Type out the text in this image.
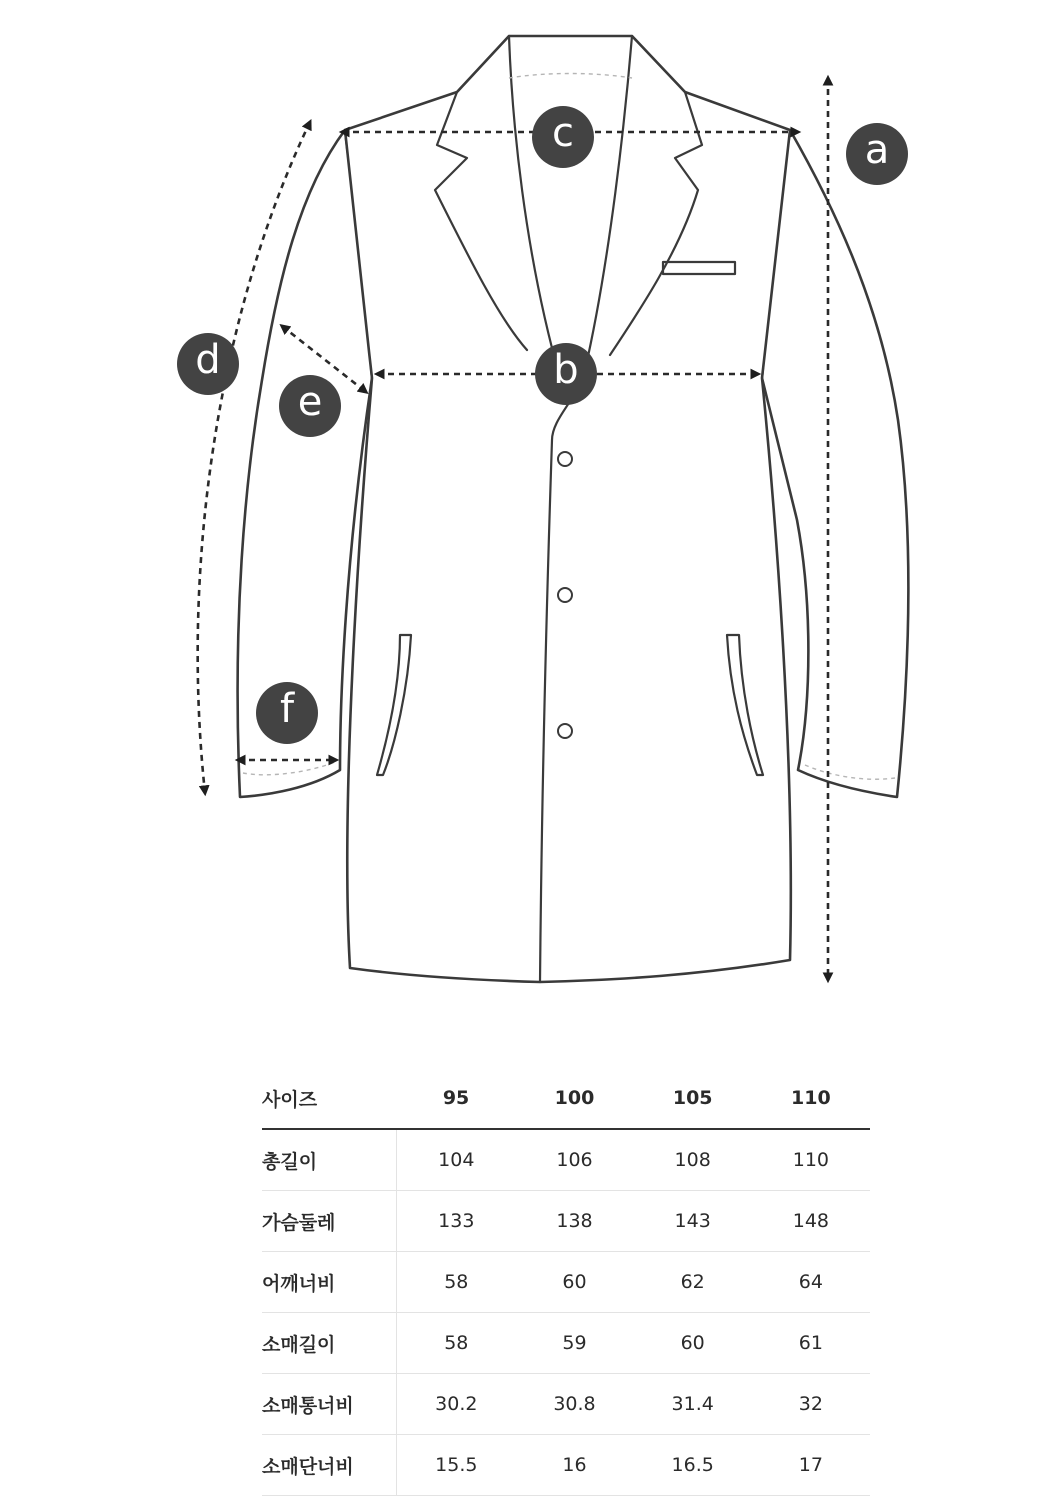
a
c
b
d
e
f
사이즈	95	100	105	110
총길이	104	106	108	110
가슴둘레	133	138	143	148
어깨너비	58	60	62	64
소매길이	58	59	60	61
소매통너비	30.2	30.8	31.4	32
소매단너비	15.5	16	16.5	17
